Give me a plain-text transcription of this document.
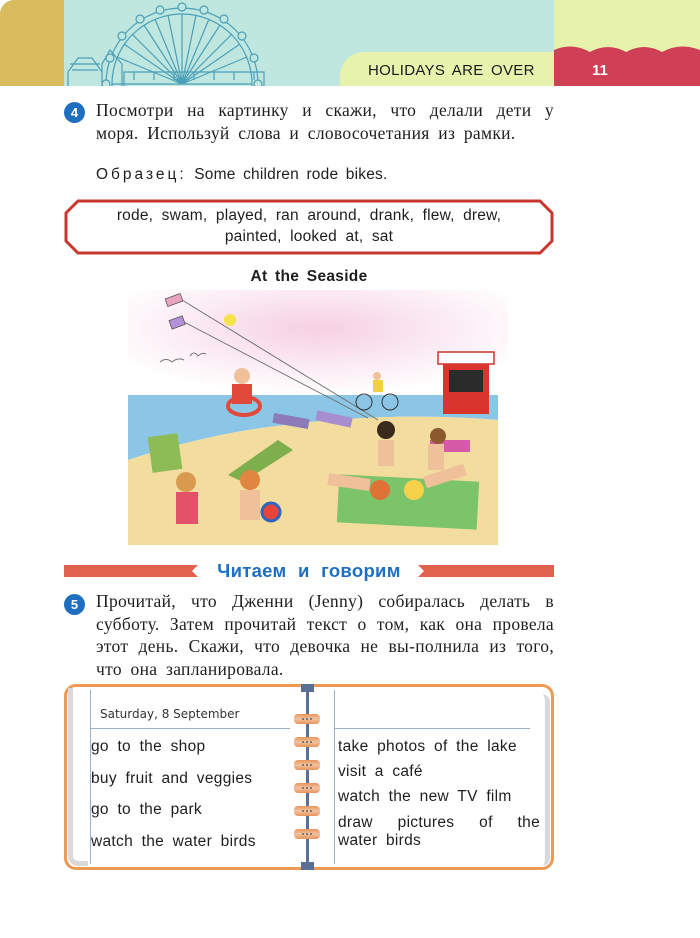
HOLIDAYS ARE OVER	11
4	Посмотри на картинку и скажи, что делали дети у моря. Используй слова и словосочетания из рамки.
Образец: Some children rode bikes.
rode, swam, played, ran around, drank, flew, drew,
painted, looked at, sat
At the Seaside
Читаем и говорим
5	Прочитай, что Дженни (Jenny) собиралась делать в субботу. Затем прочитай текст о том, как она провела этот день. Скажи, что девочка не вы-полнила из того, что она запланировала.
Saturday, 8 September
go to the shop
buy fruit and veggies
go to the park
watch the water birds
take photos of the lake
visit a café
watch the new TV film
draw pictures of the
water birds
